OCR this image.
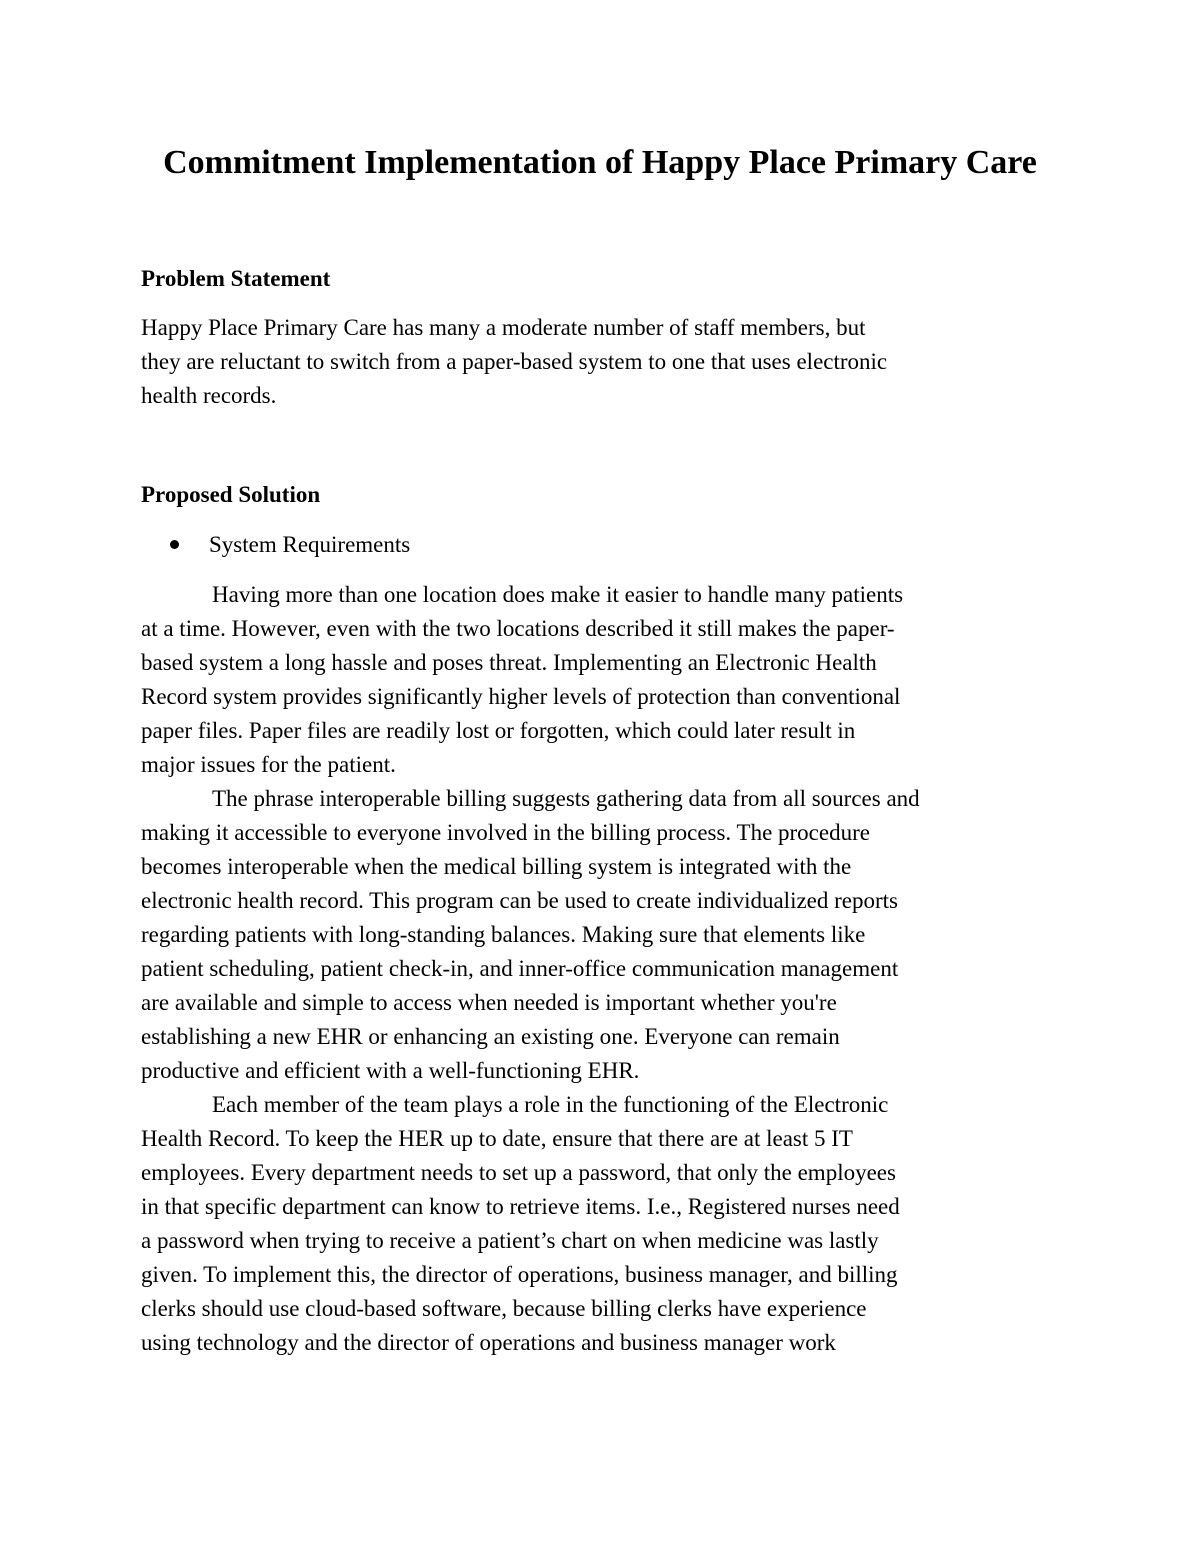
Commitment Implementation of Happy Place Primary Care
Problem Statement
Happy Place Primary Care has many a moderate number of staff members, but
they are reluctant to switch from a paper-based system to one that uses electronic
health records.
Proposed Solution
System Requirements
Having more than one location does make it easier to handle many patients
at a time. However, even with the two locations described it still makes the paper-
based system a long hassle and poses threat. Implementing an Electronic Health
Record system provides significantly higher levels of protection than conventional
paper files. Paper files are readily lost or forgotten, which could later result in
major issues for the patient.
The phrase interoperable billing suggests gathering data from all sources and
making it accessible to everyone involved in the billing process. The procedure
becomes interoperable when the medical billing system is integrated with the
electronic health record. This program can be used to create individualized reports
regarding patients with long-standing balances. Making sure that elements like
patient scheduling, patient check-in, and inner-office communication management
are available and simple to access when needed is important whether you're
establishing a new EHR or enhancing an existing one. Everyone can remain
productive and efficient with a well-functioning EHR.
Each member of the team plays a role in the functioning of the Electronic
Health Record. To keep the HER up to date, ensure that there are at least 5 IT
employees. Every department needs to set up a password, that only the employees
in that specific department can know to retrieve items. I.e., Registered nurses need
a password when trying to receive a patient’s chart on when medicine was lastly
given. To implement this, the director of operations, business manager, and billing
clerks should use cloud-based software, because billing clerks have experience
using technology and the director of operations and business manager work
